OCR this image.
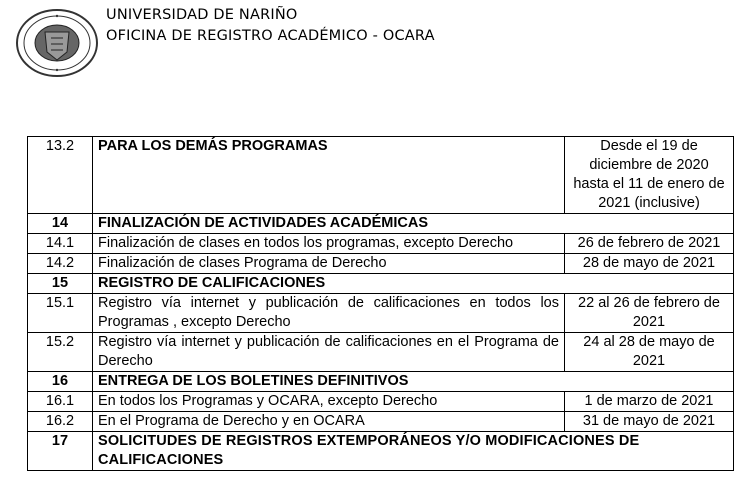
UNIVERSIDAD DE NARIÑO
OFICINA DE REGISTRO ACADÉMICO - OCARA
13.2	PARA LOS DEMÁS PROGRAMAS	Desde el 19 de diciembre de 2020 hasta el 11 de enero de 2021 (inclusive)
14	FINALIZACIÓN DE ACTIVIDADES ACADÉMICAS	
14.1	Finalización de clases en todos los programas, excepto Derecho	26 de febrero de 2021
14.2	Finalización de clases Programa de Derecho	28 de mayo de 2021
15	REGISTRO DE CALIFICACIONES	
15.1	Registro vía internet y publicación de calificaciones en todos los Programas , excepto Derecho	22 al 26 de febrero de 2021
15.2	Registro vía internet y publicación de calificaciones en el Programa de Derecho	24 al 28 de mayo de 2021
16	ENTREGA DE LOS BOLETINES DEFINITIVOS	
16.1	En todos los Programas y OCARA, excepto Derecho	1 de marzo de 2021
16.2	En el Programa de Derecho y en OCARA	31 de mayo de 2021
17	SOLICITUDES DE REGISTROS EXTEMPORÁNEOS Y/O MODIFICACIONES DE CALIFICACIONES	
